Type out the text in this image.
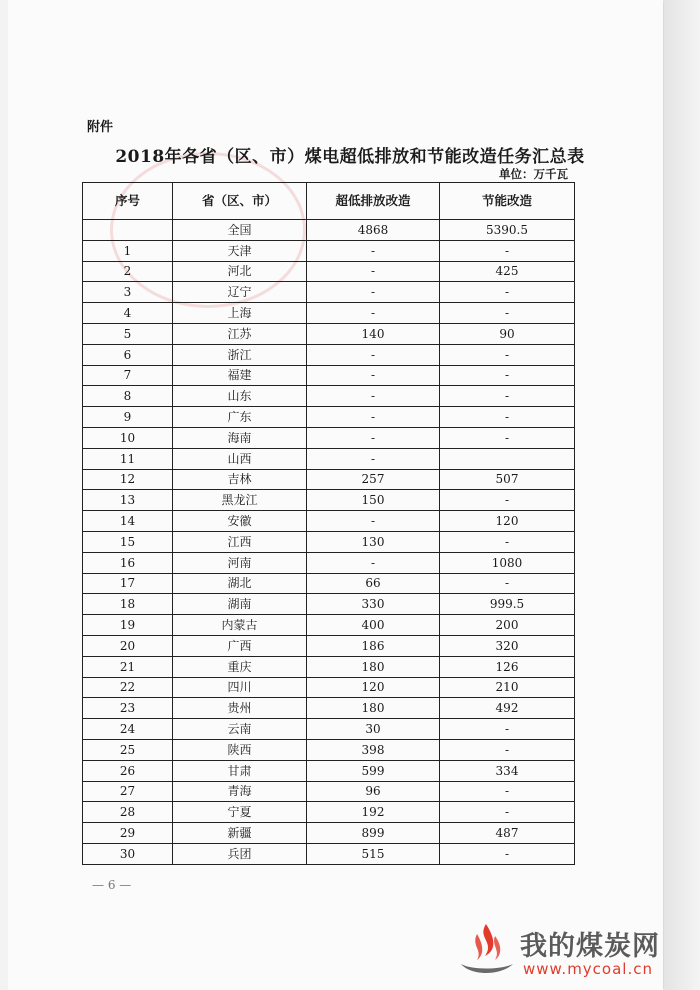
附件
2018年各省（区、市）煤电超低排放和节能改造任务汇总表
单位：万千瓦
序号	省（区、市）	超低排放改造	节能改造
	全国	4868	5390.5
1	天津	-	-
2	河北	-	425
3	辽宁	-	-
4	上海	-	-
5	江苏	140	90
6	浙江	-	-
7	福建	-	-
8	山东	-	-
9	广东	-	-
10	海南	-	-
11	山西	-	
12	吉林	257	507
13	黑龙江	150	-
14	安徽	-	120
15	江西	130	-
16	河南	-	1080
17	湖北	66	-
18	湖南	330	999.5
19	内蒙古	400	200
20	广西	186	320
21	重庆	180	126
22	四川	120	210
23	贵州	180	492
24	云南	30	-
25	陕西	398	-
26	甘肃	599	334
27	青海	96	-
28	宁夏	192	-
29	新疆	899	487
30	兵团	515	-
— 6 —
我的煤炭网
www.mycoal.cn
